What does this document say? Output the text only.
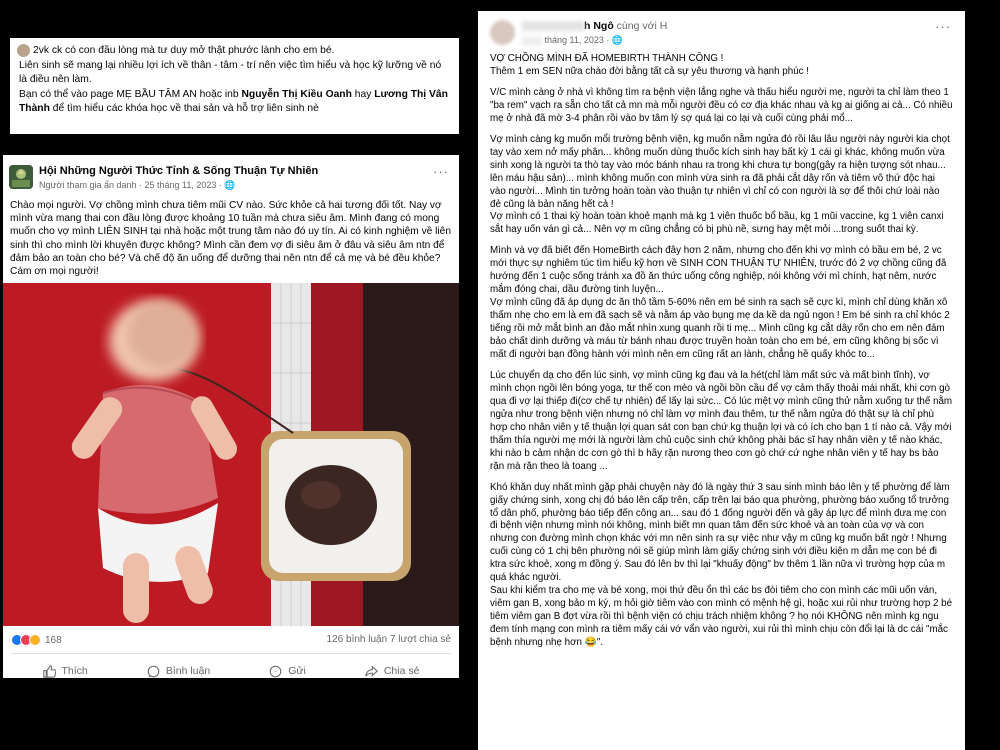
2vk ck có con đầu lòng mà tư duy mở thật phước lành cho em bé.

Liên sinh sẽ mang lại nhiều lợi ích về thân - tâm - trí nên việc tìm hiểu và học kỹ lưỡng về nó là điều nên làm.

Bạn có thể vào page MẸ BẦU TÂM AN hoặc inb Nguyễn Thị Kiều Oanh hay Lương Thị Vân Thành để tìm hiểu các khóa học về thai sản và hỗ trợ liên sinh nè

Hội Những Người Thức Tỉnh & Sống Thuận Tự Nhiên
Người tham gia ẩn danh · 25 tháng 11, 2023 · 🌐
···
Chào mọi người. Vợ chồng mình chưa tiêm mũi CV nào. Sức khỏe cả hai tương đối tốt. Nay vợ mình vừa mang thai con đầu lòng được khoảng 10 tuần mà chưa siêu âm. Mình đang có mong muốn cho vợ mình LIÊN SINH tại nhà hoặc một trung tâm nào đó uy tín. Ai có kinh nghiệm về liên sinh thì cho mình lời khuyên được không? Mình cần đem vợ đi siêu âm ở đâu và siêu âm ntn để đảm bảo an toàn cho bé? Và chế độ ăn uống để dưỡng thai nên ntn để cả mẹ và bé đều khỏe?
Cám ơn mọi người!
168	126 bình luận 7 lượt chia sẻ
Thích	Bình luận	Gửi	Chia sẻ
h Ngô cùng với H
tháng 11, 2023 · 🌐
···

VỢ CHỒNG MÌNH ĐÃ HOMEBIRTH THÀNH CÔNG !
Thêm 1 em SEN nữa chào đời bằng tất cả sự yêu thương và hạnh phúc !

V/C mình càng ở nhà vì không tìm ra bệnh viện lắng nghe và thấu hiểu người mẹ, người ta chỉ làm theo 1 "ba rem" vạch ra sẵn cho tất cả mn mà mỗi người đều có cơ địa khác nhau và kg ai giống ai cả... Có nhiều mẹ ở nhà đã mờ 3-4 phân rồi vào bv tâm lý sợ quá lại co lại và cuối cùng phải mổ...

Vợ mình càng kg muốn mổi trường bệnh viện, kg muốn nằm ngửa đó rồi lâu lâu người này người kia chọt tay vào xem nở mấy phân... không muốn dùng thuốc kích sinh hay bất kỳ 1 cái gì khác, không muốn vừa sinh xong là người ta thò tay vào móc bánh nhau ra trong khi chưa tự bong(gây ra hiện tượng sót nhau... lên máu hậu sản)... mình không muốn con mình vừa sinh ra đã phải cắt dây rốn và tiêm vô thứ độc hại vào người... Mình tin tưởng hoàn toàn vào thuận tự nhiên vì chỉ có con người là sợ để thôi chứ loài nào đẻ cũng là bản năng hết cả !
Vợ mình có 1 thai kỳ hoàn toàn khoẻ mạnh mà kg 1 viên thuốc bổ bầu, kg 1 mũi vaccine, kg 1 viên canxi sắt hay uốn ván gì cả... Nên vợ m cũng chẳng có bị phù nề, sưng hay mệt mỏi ...trong suốt thai kỳ.

Mình và vợ đã biết đến HomeBirth cách đây hơn 2 năm, nhưng cho đến khi vợ mình có bầu em bé, 2 vc mới thực sự nghiêm túc tìm hiểu kỹ hơn về SINH CON THUẬN TỰ NHIÊN, trước đó 2 vợ chồng cũng đã hướng đến 1 cuộc sống tránh xa đồ ăn thức uống công nghiệp, nói không với mì chính, hạt nêm, nước mắm đóng chai, dầu đường tinh luyện...
Vợ mình cũng đã áp dụng dc ăn thô tầm 5-60% nên em bé sinh ra sạch sẽ cực kì, mình chỉ dùng khăn xô thấm nhẹ cho em là em đã sạch sẽ và nằm áp vào bụng mẹ da kề da ngủ ngon ! Em bé sinh ra chỉ khóc 2 tiếng rồi mở mắt bình an đảo mắt nhìn xung quanh rồi ti mẹ... Mình cũng kg cắt dây rốn cho em nên đảm bảo chất dinh dưỡng và máu từ bánh nhau được truyền hoàn toàn cho em bé, em cũng không bị sốc vì mất đi người bạn đồng hành với mình nên em cũng rất an lành, chẳng hề quấy khóc to...

Lúc chuyển dạ cho đến lúc sinh, vợ mình cũng kg đau và la hét(chỉ làm mất sức và mất bình tĩnh), vợ mình chọn ngồi lên bóng yoga, tư thế con mèo và ngồi bồn cầu để vợ cảm thấy thoải mái nhất, khi cơn gò qua đi vợ lại thiếp đi(cơ chế tự nhiên) để lấy lại sức... Có lúc mệt vợ mình cũng thử nằm xuống tư thế nằm ngửa như trong bệnh viện nhưng nó chỉ làm vợ mình đau thêm, tư thế nằm ngửa đó thật sự là chỉ phù hợp cho nhân viên y tế thuận lợi quan sát con bạn chứ kg thuận lợi và có ích cho bạn 1 tí nào cả. Vậy mới thấm thía người mẹ mới là người làm chủ cuộc sinh chứ không phải bác sĩ hay nhân viên y tế nào khác, khi nào b cảm nhận dc cơn gò thì b hãy rặn nương theo cơn gò chứ cứ nghe nhân viên y tế hay bs bảo rặn mà rặn theo là toang ...

Khó khăn duy nhất mình gặp phải chuyện này đó là ngày thứ 3 sau sinh mình báo lên y tế phường để làm giấy chứng sinh, xong chị đó báo lên cấp trên, cấp trên lại báo qua phường, phường báo xuống tổ trưởng tổ dân phố, phường báo tiếp đến công an... sau đó 1 đống người đến và gây áp lực để mình đưa mẹ con đi bệnh viện nhưng mình nói không, mình biết mn quan tâm đến sức khoẻ và an toàn của vợ và con nhưng con đường mình chọn khác với mn nên sinh ra sự việc như vậy m cũng kg muốn bất ngờ ! Nhưng cuối cùng có 1 chị bên phường nói sẽ giúp mình làm giấy chứng sinh với điều kiện m dẫn mẹ con bé đi ktra sức khoẻ, xong m đồng ý. Sau đó lên bv thì lại "khuấy động" bv thêm 1 lần nữa vì trường hợp của m quá khác người.
Sau khi kiểm tra cho mẹ và bé xong, mọi thứ đều ổn thì các bs đòi tiêm cho con mình các mũi uốn ván, viêm gan B, xong bảo m ký, m hỏi giờ tiêm vào con mình có mệnh hệ gì, hoặc xui rủi như trường hợp 2 bé tiêm viêm gan B đợt vừa rồi thì bệnh viện có chịu trách nhiệm không ? họ nói KHÔNG nên mình kg ngu đem tính mạng con mình ra tiêm mấy cái vớ vẩn vào người, xui rủi thì mình chịu còn đổi lại là dc cái "mắc bệnh nhưng nhẹ hơn 😂".
